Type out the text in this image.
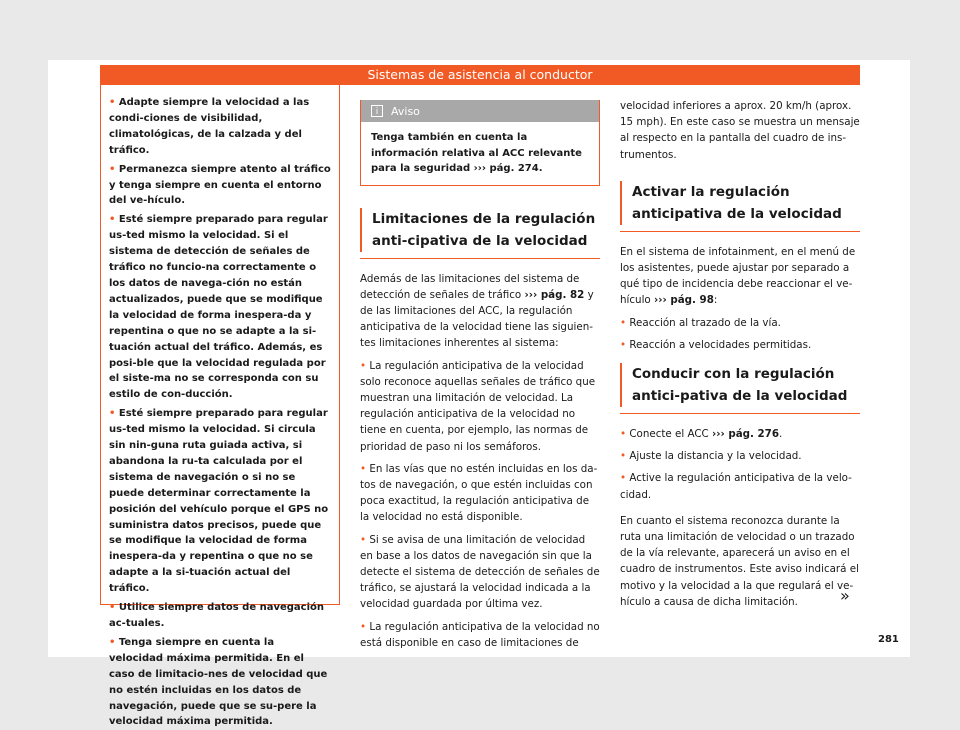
Sistemas de asistencia al conductor

• Adapte siempre la velocidad a las condi-ciones de visibilidad, climatológicas, de la calzada y del tráfico.

• Permanezca siempre atento al tráfico y tenga siempre en cuenta el entorno del ve-hículo.

• Esté siempre preparado para regular us-ted mismo la velocidad. Si el sistema de detección de señales de tráfico no funcio-na correctamente o los datos de navega-ción no están actualizados, puede que se modifique la velocidad de forma inespera-da y repentina o que no se adapte a la si-tuación actual del tráfico. Además, es posi-ble que la velocidad regulada por el siste-ma no se corresponda con su estilo de con-ducción.

• Esté siempre preparado para regular us-ted mismo la velocidad. Si circula sin nin-guna ruta guiada activa, si abandona la ru-ta calculada por el sistema de navegación o si no se puede determinar correctamente la posición del vehículo porque el GPS no suministra datos precisos, puede que se modifique la velocidad de forma inespera-da y repentina o que no se adapte a la si-tuación actual del tráfico.

• Utilice siempre datos de navegación ac-tuales.

• Tenga siempre en cuenta la velocidad máxima permitida. En el caso de limitacio-nes de velocidad que no estén incluidas en los datos de navegación, puede que se su-pere la velocidad máxima permitida.

i	Aviso
Tenga también en cuenta la información relativa al ACC relevante para la seguridad ››› pág. 274.
Limitaciones de la regulación anti-cipativa de la velocidad

Además de las limitaciones del sistema de detección de señales de tráfico ››› pág. 82 y de las limitaciones del ACC, la regulación anticipativa de la velocidad tiene las siguien-tes limitaciones inherentes al sistema:

• La regulación anticipativa de la velocidad solo reconoce aquellas señales de tráfico que muestran una limitación de velocidad. La regulación anticipativa de la velocidad no tiene en cuenta, por ejemplo, las normas de prioridad de paso ni los semáforos.

• En las vías que no estén incluidas en los da-tos de navegación, o que estén incluidas con poca exactitud, la regulación anticipativa de la velocidad no está disponible.

• Si se avisa de una limitación de velocidad en base a los datos de navegación sin que la detecte el sistema de detección de señales de tráfico, se ajustará la velocidad indicada a la velocidad guardada por última vez.

• La regulación anticipativa de la velocidad no está disponible en caso de limitaciones de

velocidad inferiores a aprox. 20 km/h (aprox. 15 mph). En este caso se muestra un mensaje al respecto en la pantalla del cuadro de ins-trumentos.

Activar la regulación anticipativa de la velocidad

En el sistema de infotainment, en el menú de los asistentes, puede ajustar por separado a qué tipo de incidencia debe reaccionar el ve-hículo ››› pág. 98:

• Reacción al trazado de la vía.

• Reacción a velocidades permitidas.

Conducir con la regulación antici-pativa de la velocidad

• Conecte el ACC ››› pág. 276.

• Ajuste la distancia y la velocidad.

• Active la regulación anticipativa de la velo-cidad.

En cuanto el sistema reconozca durante la ruta una limitación de velocidad o un trazado de la vía relevante, aparecerá un aviso en el cuadro de instrumentos. Este aviso indicará el motivo y la velocidad a la que regulará el ve-hículo a causa de dicha limitación.	»
281
